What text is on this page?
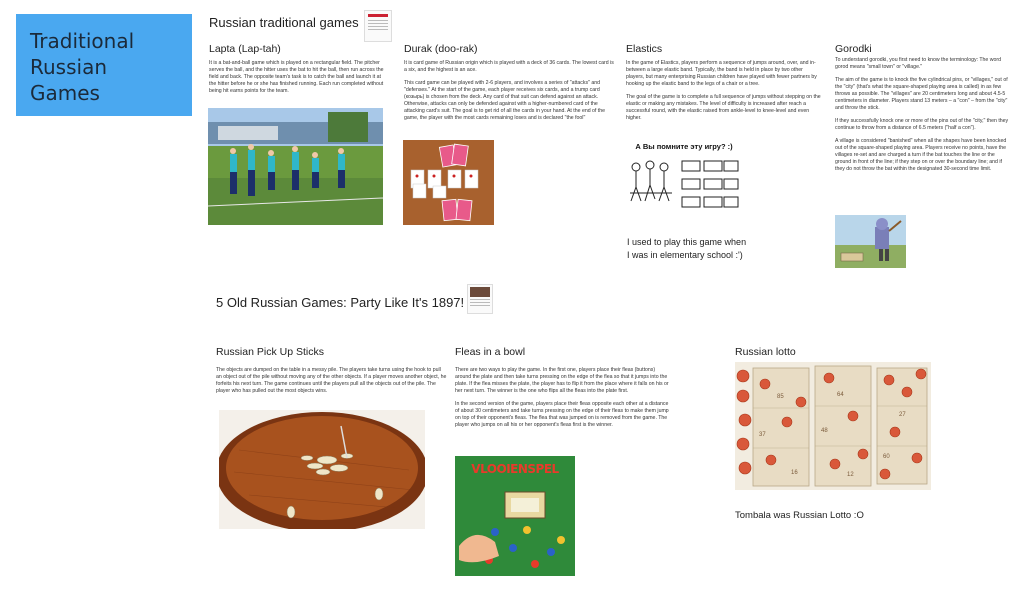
Traditional
Russian
Games
Russian traditional games
Lapta (Lap-tah)

It is a bat-and-ball game which is played on a rectangular field. The pitcher serves the ball, and the hitter uses the bat to hit the ball, then run across the field and back. The opposite team's task is to catch the ball and launch it at the hitter before he or she has finished running. Each run completed without being hit earns points for the team.

Durak (doo-rak)

It is card game of Russian origin which is played with a deck of 36 cards. The lowest card is a six, and the highest is an ace.

This card game can be played with 2-6 players, and involves a series of "attacks" and "defenses." At the start of the game, each player receives six cards, and a trump card (козырь) is chosen from the deck. Any card of that suit can defend against an attack. Otherwise, attacks can only be defended against with a higher-numbered card of the attacking card's suit. The goal is to get rid of all the cards in your hand. At the end of the game, the player with the most cards remaining loses and is declared "the fool"

Elastics

In the game of Elastics, players perform a sequence of jumps around, over, and in-between a large elastic band. Typically, the band is held in place by two other players, but many enterprising Russian children have played with fewer partners by hooking up the elastic band to the legs of a chair or a tree.

The goal of the game is to complete a full sequence of jumps without stepping on the elastic or making any mistakes. The level of difficulty is increased after reach a successful round, with the elastic raised from ankle-level to knee-level and even higher.

А Вы помните эту игру? :)
I used to play this game when
I was in elementary school :')
Gorodki

To understand gorodki, you first need to know the terminology: The word gorod means "small town" or "village."

The aim of the game is to knock the five cylindrical pins, or "villages," out of the "city" (that's what the square-shaped playing area is called) in as few throws as possible. The "villages" are 20 centimeters long and about 4.5-5 centimeters in diameter. Players stand 13 meters – a "con" – from the "city" and throw the stick.

If they successfully knock one or more of the pins out of the "city," then they continue to throw from a distance of 6.5 meters ("half a con").

A village is considered "banished" when all the shapes have been knocked out of the square-shaped playing area. Players receive no points, have the villages re-set and are charged a turn if the bat touches the line or the ground in front of the line; if they step on or over the boundary line; and if they do not throw the bat within the designated 30-second time limit.

5 Old Russian Games: Party Like It's 1897!
Russian Pick Up Sticks

The objects are dumped on the table in a messy pile. The players take turns using the hook to pull an object out of the pile without moving any of the other objects. If a player moves another object, he forfeits his next turn. The game continues until the players pull all the objects out of the pile. The player who has pulled out the most objects wins.

Fleas in a bowl

There are two ways to play the game. In the first one, players place their fleas (buttons) around the plate and then take turns pressing on the edge of the flea so that it jumps into the plate. If the flea misses the plate, the player has to flip it from the place where it falls on his or her next turn. The winner is the one who flips all the fleas into the plate first.

In the second version of the game, players place their fleas opposite each other at a distance of about 30 centimeters and take turns pressing on the edge of their fleas to make them jump on top of their opponent's fleas. The flea that was jumped on is removed from the game. The player who jumps on all his or her opponent's fleas first is the winner.

VLOOIENSPEL
Russian lotto
85
37
16
64
48
12
27
60
Tombala was Russian Lotto :O
